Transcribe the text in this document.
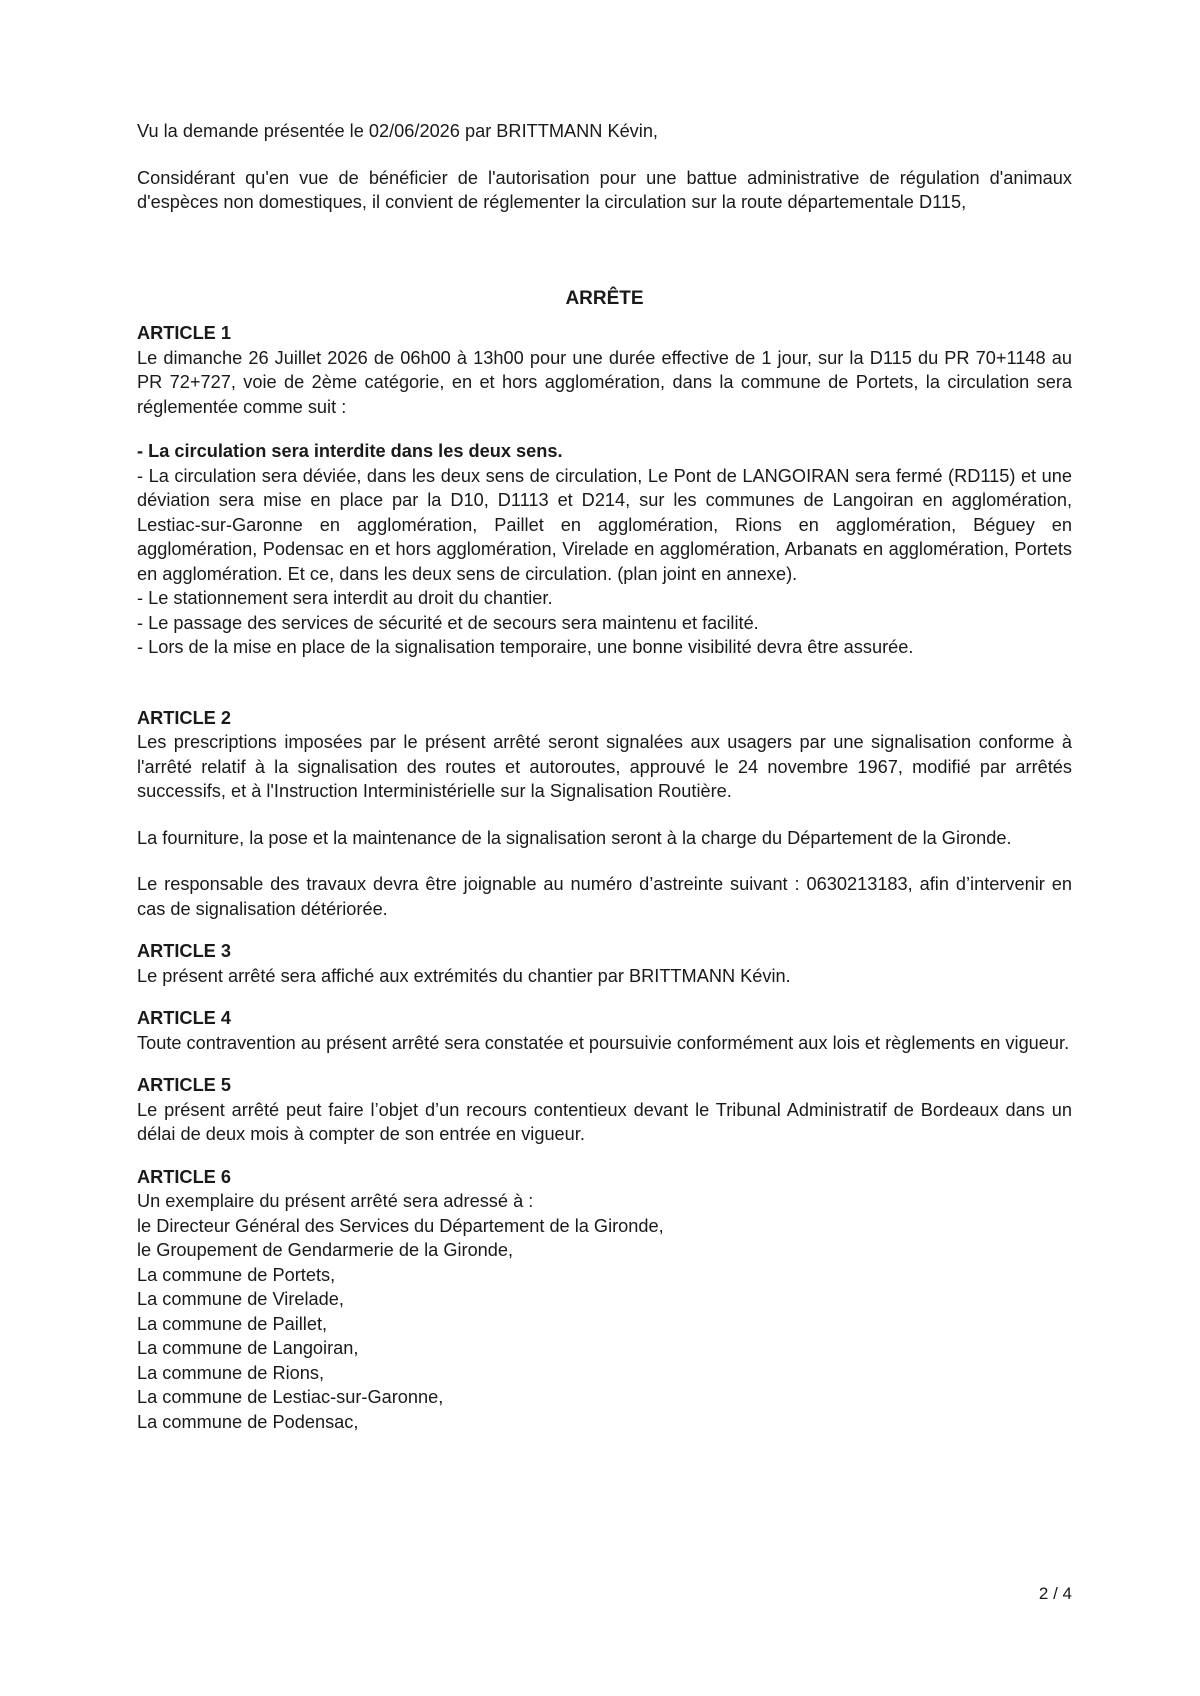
Vu la demande présentée le 02/06/2026 par BRITTMANN Kévin,

Considérant qu'en vue de bénéficier de l'autorisation pour une battue administrative de régulation d'animaux d'espèces non domestiques, il convient de réglementer la circulation sur la route départementale D115,

ARRÊTE

ARTICLE 1

Le dimanche 26 Juillet 2026 de 06h00 à 13h00 pour une durée effective de 1 jour, sur la D115 du PR 70+1148 au PR 72+727, voie de 2ème catégorie, en et hors agglomération, dans la commune de Portets, la circulation sera réglementée comme suit :

- La circulation sera interdite dans les deux sens.

- La circulation sera déviée, dans les deux sens de circulation, Le Pont de LANGOIRAN sera fermé (RD115) et une déviation sera mise en place par la D10, D1113 et D214, sur les communes de Langoiran en agglomération, Lestiac-sur-Garonne en agglomération, Paillet en agglomération, Rions en agglomération, Béguey en agglomération, Podensac en et hors agglomération, Virelade en agglomération, Arbanats en agglomération, Portets en agglomération. Et ce, dans les deux sens de circulation. (plan joint en annexe).

- Le stationnement sera interdit au droit du chantier.

- Le passage des services de sécurité et de secours sera maintenu et facilité.

- Lors de la mise en place de la signalisation temporaire, une bonne visibilité devra être assurée.

ARTICLE 2

Les prescriptions imposées par le présent arrêté seront signalées aux usagers par une signalisation conforme à l'arrêté relatif à la signalisation des routes et autoroutes, approuvé le 24 novembre 1967, modifié par arrêtés successifs, et à l'Instruction Interministérielle sur la Signalisation Routière.

La fourniture, la pose et la maintenance de la signalisation seront à la charge du Département de la Gironde.

Le responsable des travaux devra être joignable au numéro d’astreinte suivant : 0630213183, afin d’intervenir en cas de signalisation détériorée.

ARTICLE 3

Le présent arrêté sera affiché aux extrémités du chantier par BRITTMANN Kévin.

ARTICLE 4

Toute contravention au présent arrêté sera constatée et poursuivie conformément aux lois et règlements en vigueur.

ARTICLE 5

Le présent arrêté peut faire l’objet d’un recours contentieux devant le Tribunal Administratif de Bordeaux dans un délai de deux mois à compter de son entrée en vigueur.

ARTICLE 6

Un exemplaire du présent arrêté sera adressé à :

le Directeur Général des Services du Département de la Gironde,
le Groupement de Gendarmerie de la Gironde,
La commune de Portets,
La commune de Virelade,
La commune de Paillet,
La commune de Langoiran,
La commune de Rions,
La commune de Lestiac-sur-Garonne,
La commune de Podensac,

2 / 4
